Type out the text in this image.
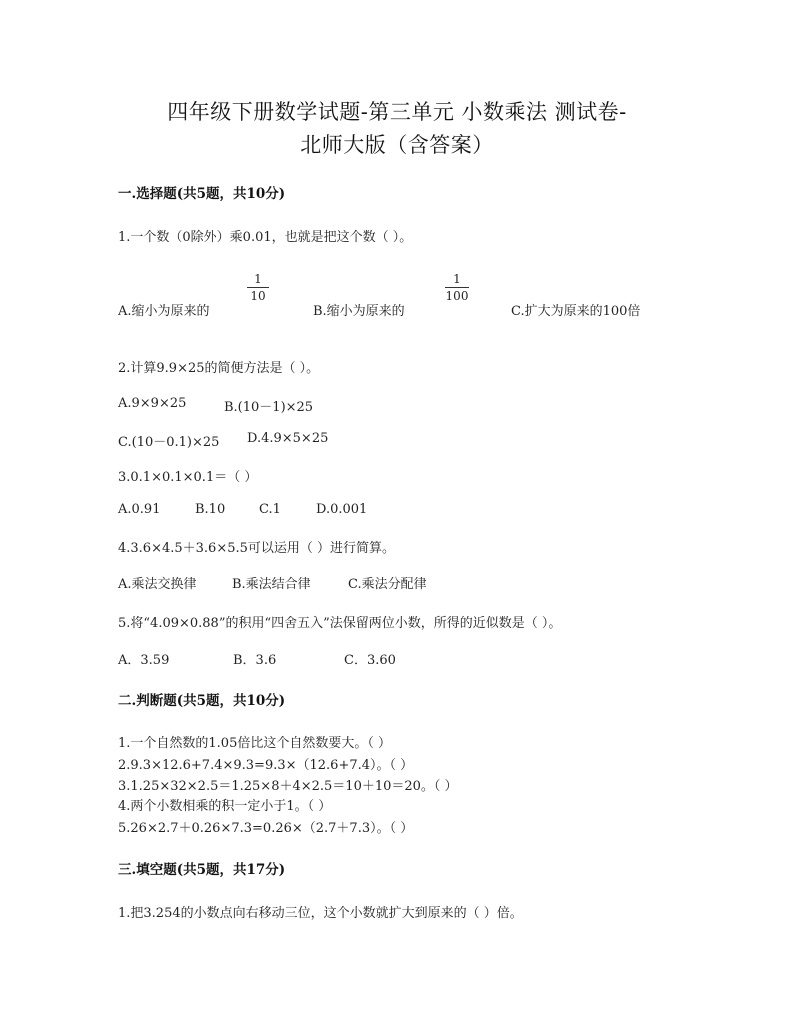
四年级下册数学试题-第三单元 小数乘法 测试卷-
北师大版（含答案）
一.选择题(共5题，共10分)
1.一个数（0除外）乘0.01，也就是把这个数（ ）。
1
10
1
100
A.缩小为原来的	B.缩小为原来的	C.扩大为原来的100倍
2.计算9.9×25的简便方法是（ ）。
A.9×9×25	B.(10－1)×25
C.(10－0.1)×25 D.4.9×5×25
3.0.1×0.1×0.1＝（ ）
A.0.91	B.10	C.1	D.0.001
4.3.6×4.5＋3.6×5.5可以运用（ ）进行简算。
A.乘法交换律	B.乘法结合律	C.乘法分配律
5.将“4.09×0.88”的积用“四舍五入”法保留两位小数，所得的近似数是（ ）。
A．3.59	B．3.6	C．3.60
二.判断题(共5题，共10分)
1.一个自然数的1.05倍比这个自然数要大。（ ）
2.9.3×12.6+7.4×9.3=9.3×（12.6+7.4）。（ ）
3.1.25×32×2.5＝1.25×8＋4×2.5＝10＋10＝20。（ ）
4.两个小数相乘的积一定小于1。（ ）
5.26×2.7＋0.26×7.3=0.26×（2.7＋7.3）。（ ）
三.填空题(共5题，共17分)
1.把3.254的小数点向右移动三位，这个小数就扩大到原来的（ ）倍。
